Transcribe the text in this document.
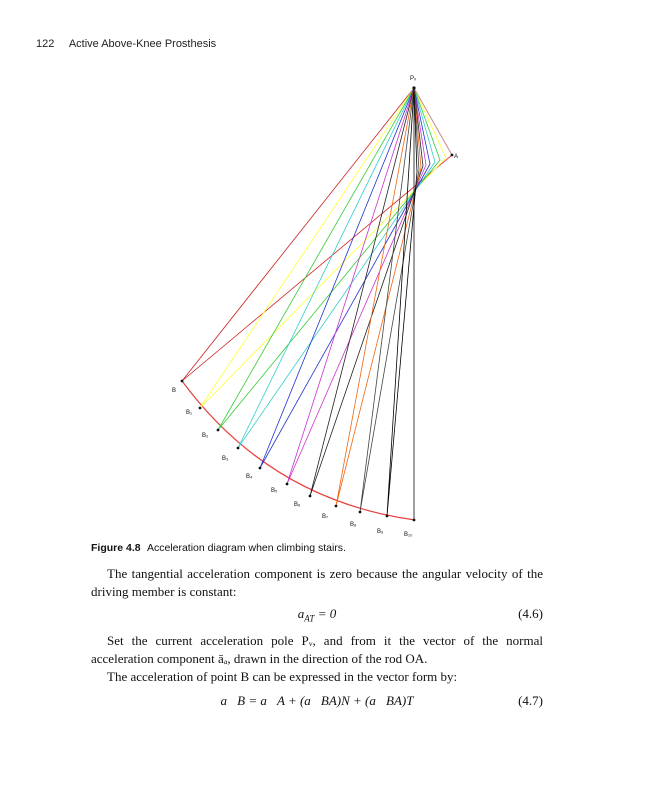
122 Active Above-Knee Prosthesis
Pᵥ
A
B
B₁
B₂
B₃
B₄
B₅
B₆
B₇
B₈
B₉	B₁₀
Figure 4.8 Acceleration diagram when climbing stairs.
The tangential acceleration component is zero because the angular velocity of the driving member is constant:
$a_{AT} = 0$	(4.6)
Set the current acceleration pole Pᵥ, and from it the vector of the normal acceleration component āₐ, drawn in the direction of the rod OA.
The acceleration of point B can be expressed in the vector form by:
a⃗B = a⃗A + (a⃗BA)N + (a⃗BA)T	(4.7)
